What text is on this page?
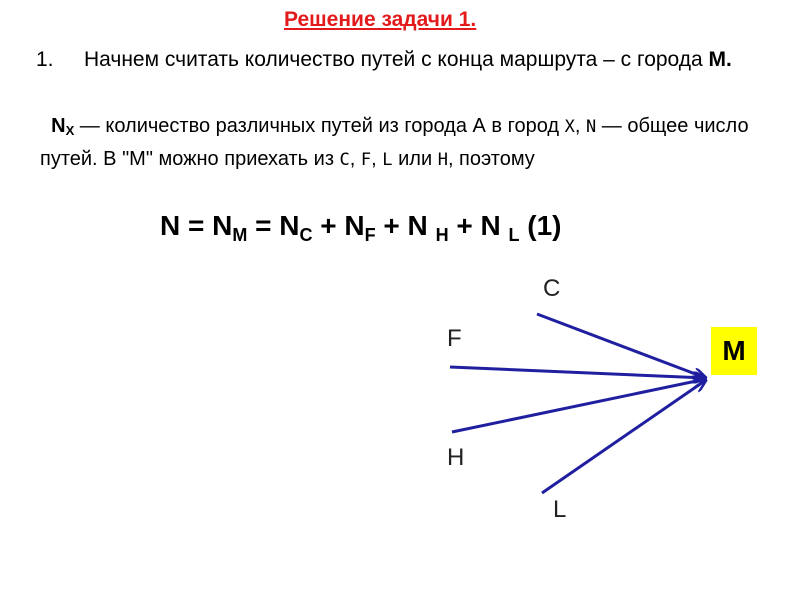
Решение задачи 1.
1. Начнем считать количество путей с конца маршрута – с города М.
$N_X$ — количество различных путей из города А в город X, N — общее число путей. В "М" можно приехать из C, F, L или H, поэтому
$N = N_M = N_C + N_F + N$ $_H$ + N $_L$ (1)
C
F
H
L
M
